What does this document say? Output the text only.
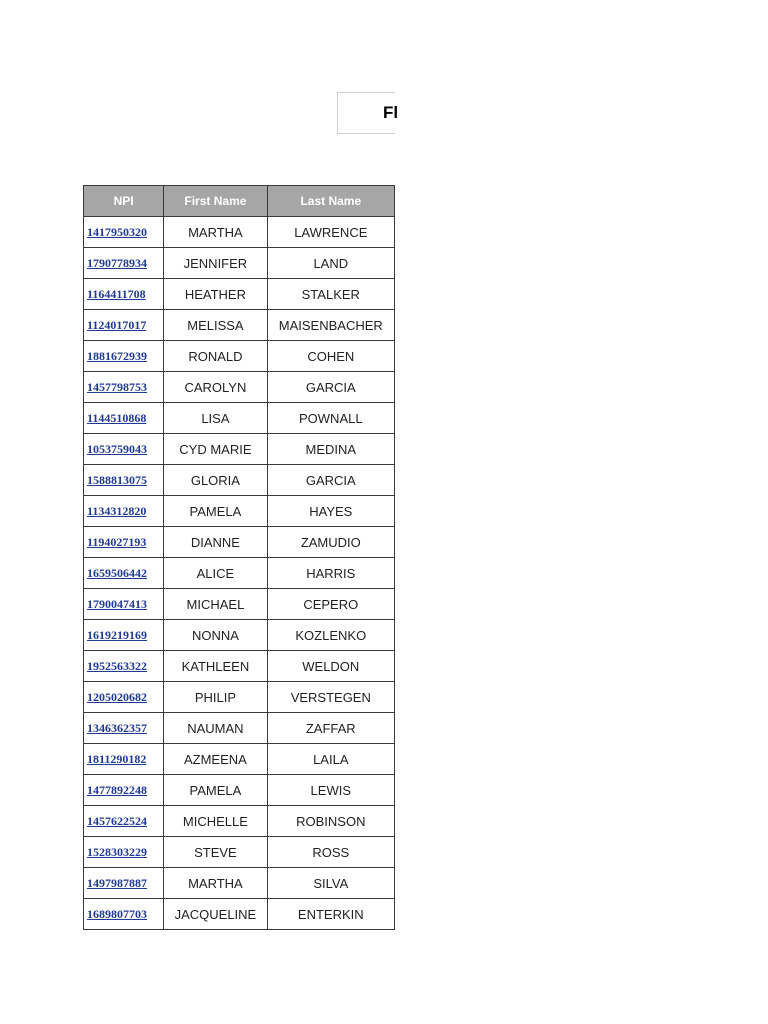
Fl
NPI	First Name	Last Name
1417950320	MARTHA	LAWRENCE
1790778934	JENNIFER	LAND
1164411708	HEATHER	STALKER
1124017017	MELISSA	MAISENBACHER
1881672939	RONALD	COHEN
1457798753	CAROLYN	GARCIA
1144510868	LISA	POWNALL
1053759043	CYD MARIE	MEDINA
1588813075	GLORIA	GARCIA
1134312820	PAMELA	HAYES
1194027193	DIANNE	ZAMUDIO
1659506442	ALICE	HARRIS
1790047413	MICHAEL	CEPERO
1619219169	NONNA	KOZLENKO
1952563322	KATHLEEN	WELDON
1205020682	PHILIP	VERSTEGEN
1346362357	NAUMAN	ZAFFAR
1811290182	AZMEENA	LAILA
1477892248	PAMELA	LEWIS
1457622524	MICHELLE	ROBINSON
1528303229	STEVE	ROSS
1497987887	MARTHA	SILVA
1689807703	JACQUELINE	ENTERKIN
